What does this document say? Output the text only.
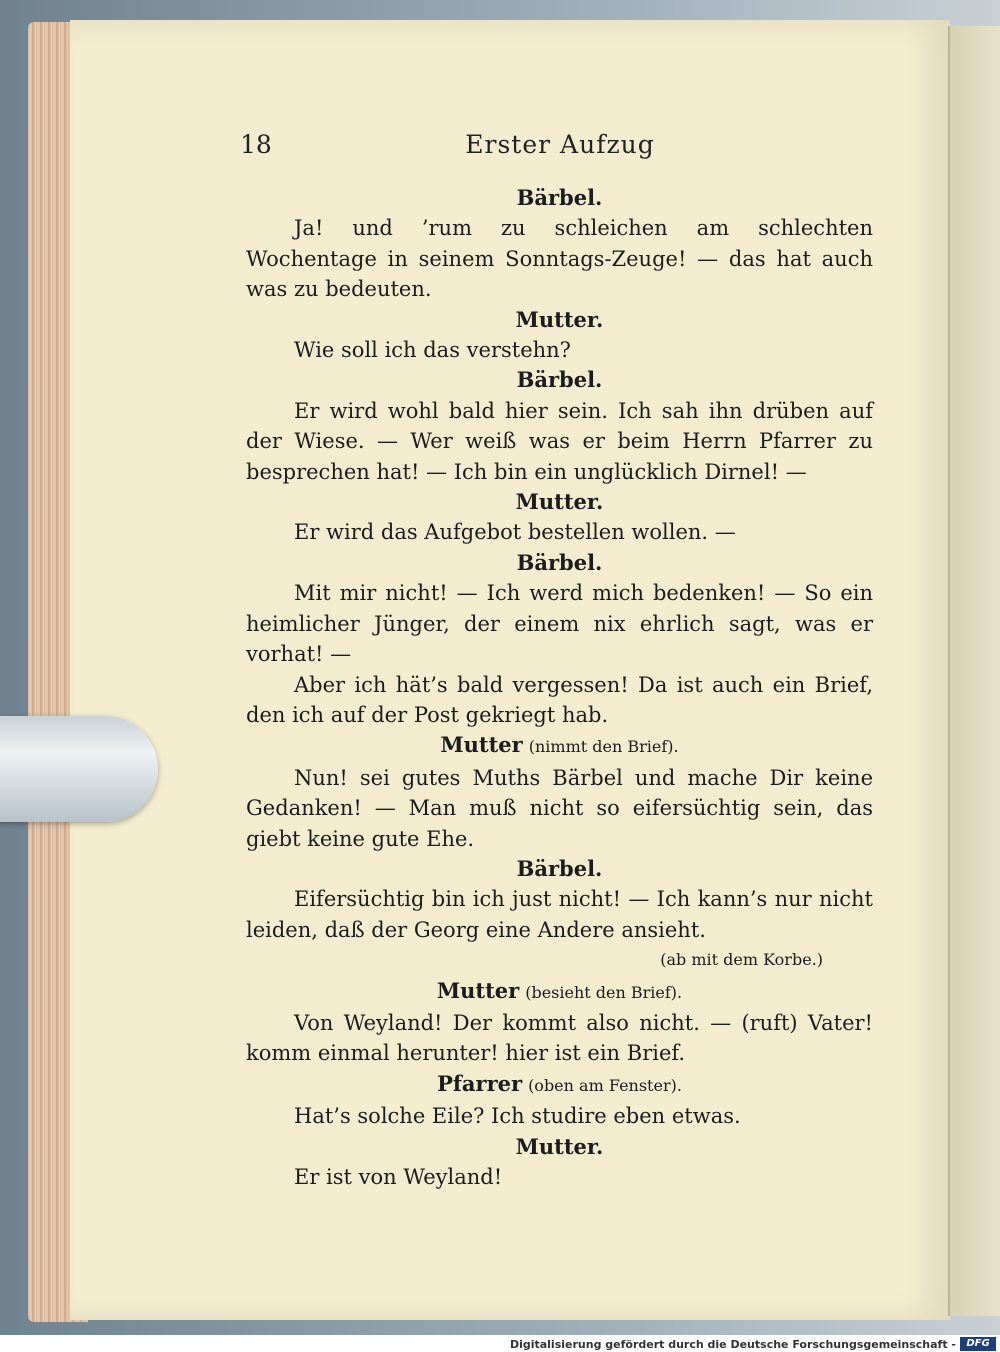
18	Erster Aufzug
Bärbel.
Ja! und ’rum zu schleichen am schlechten Wochentage in seinem Sonntags-Zeuge! — das hat auch was zu bedeuten.
Mutter.
Wie soll ich das verstehn?
Bärbel.
Er wird wohl bald hier sein. Ich sah ihn drüben auf der Wiese. — Wer weiß was er beim Herrn Pfarrer zu besprechen hat! — Ich bin ein unglücklich Dirnel! —
Mutter.
Er wird das Aufgebot bestellen wollen. —
Bärbel.
Mit mir nicht! — Ich werd mich bedenken! — So ein heimlicher Jünger, der einem nix ehrlich sagt, was er vorhat! —
Aber ich hät’s bald vergessen! Da ist auch ein Brief, den ich auf der Post gekriegt hab.
Mutter (nimmt den Brief).
Nun! sei gutes Muths Bärbel und mache Dir keine Gedanken! — Man muß nicht so eifersüchtig sein, das giebt keine gute Ehe.
Bärbel.
Eifersüchtig bin ich just nicht! — Ich kann’s nur nicht leiden, daß der Georg eine Andere ansieht.
(ab mit dem Korbe.)
Mutter (besieht den Brief).
Von Weyland! Der kommt also nicht. — (ruft) Vater! komm einmal herunter! hier ist ein Brief.
Pfarrer (oben am Fenster).
Hat’s solche Eile? Ich studire eben etwas.
Mutter.
Er ist von Weyland!
Digitalisierung gefördert durch die Deutsche Forschungsgemeinschaft -	DFG
